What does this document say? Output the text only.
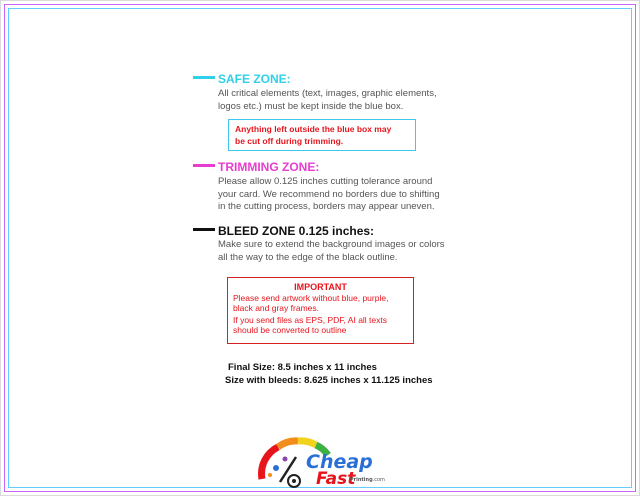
SAFE ZONE:
All critical elements (text, images, graphic elements,
logos etc.) must be kept inside the blue box.
Anything left outside the blue box may
be cut off during trimming.
TRIMMING ZONE:
Please allow 0.125 inches cutting tolerance around
your card. We recommend no borders due to shifting
in the cutting process, borders may appear uneven.
BLEED ZONE 0.125 inches:
Make sure to extend the background images or colors
all the way to the edge of the black outline.
IMPORTANT
Please send artwork without blue, purple,
black and gray frames.
If you send files as EPS, PDF, AI all texts
should be converted to outline
Final Size: 8.5 inches x 11 inches
Size with bleeds: 8.625 inches x 11.125 inches
Cheap
Fast
Printing.com
